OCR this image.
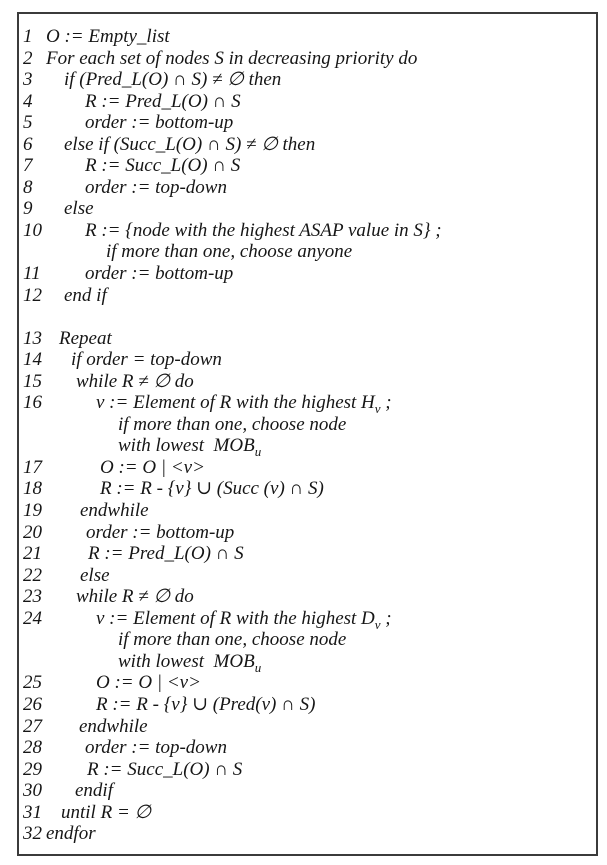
1 O := Empty_list
2 For each set of nodes S in decreasing priority do
3	if (Pred_L(O) ∩ S) ≠ ∅ then
4	R := Pred_L(O) ∩ S
5	order := bottom-up
6	else if (Succ_L(O) ∩ S) ≠ ∅ then
7	R := Succ_L(O) ∩ S
8	order := top-down
9	else
10	R := {node with the highest ASAP value in S} ;
if more than one, choose anyone
11	order := bottom-up
12	end if
13 Repeat
14	if order = top-down
15	while R ≠ ∅ do
16	v := Element of R with the highest $H_v$ ;
if more than one, choose node
with lowest  $MOB_u$
17	O := O | <v>
18	R := R - {v} ∪ (Succ (v) ∩ S)
19	endwhile
20	order := bottom-up
21	R := Pred_L(O) ∩ S
22	else
23	while R ≠ ∅ do
24	v := Element of R with the highest $D_v$ ;
if more than one, choose node
with lowest  $MOB_u$
25	O := O | <v>
26	R := R - {v} ∪ (Pred(v) ∩ S)
27	endwhile
28	order := top-down
29	R := Succ_L(O) ∩ S
30	endif
31	until R = ∅
32 endfor
